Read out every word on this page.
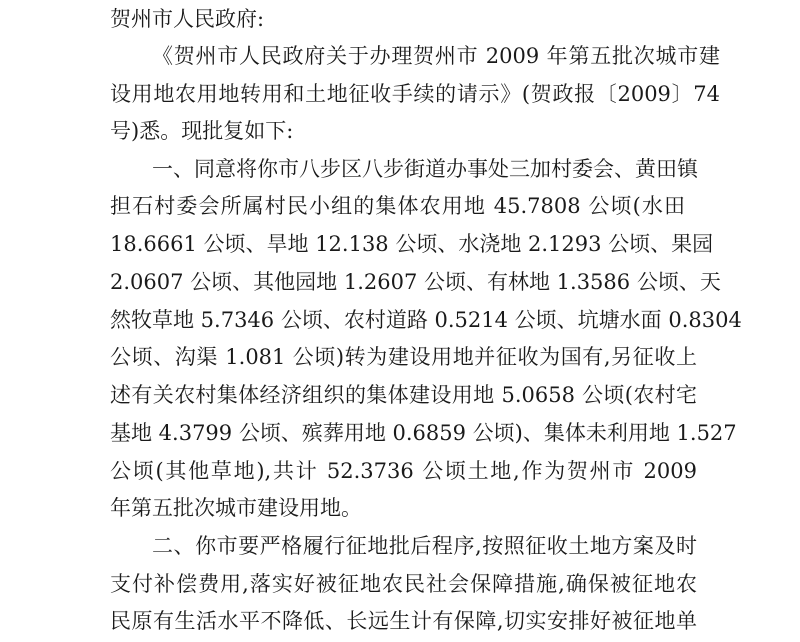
贺州市人民政府:
《贺州市人民政府关于办理贺州市 2009 年第五批次城市建
设用地农用地转用和土地征收手续的请示》(贺政报〔2009〕74
号)悉。现批复如下:
一、同意将你市八步区八步街道办事处三加村委会、黄田镇
担石村委会所属村民小组的集体农用地 45.7808 公顷(水田
18.6661 公顷、旱地 12.138 公顷、水浇地 2.1293 公顷、果园
2.0607 公顷、其他园地 1.2607 公顷、有林地 1.3586 公顷、天
然牧草地 5.7346 公顷、农村道路 0.5214 公顷、坑塘水面 0.8304
公顷、沟渠 1.081 公顷)转为建设用地并征收为国有,另征收上
述有关农村集体经济组织的集体建设用地 5.0658 公顷(农村宅
基地 4.3799 公顷、殡葬用地 0.6859 公顷)、集体未利用地 1.527
公顷(其他草地),共计 52.3736 公顷土地,作为贺州市 2009
年第五批次城市建设用地。
二、你市要严格履行征地批后程序,按照征收土地方案及时
支付补偿费用,落实好被征地农民社会保障措施,确保被征地农
民原有生活水平不降低、长远生计有保障,切实安排好被征地单
